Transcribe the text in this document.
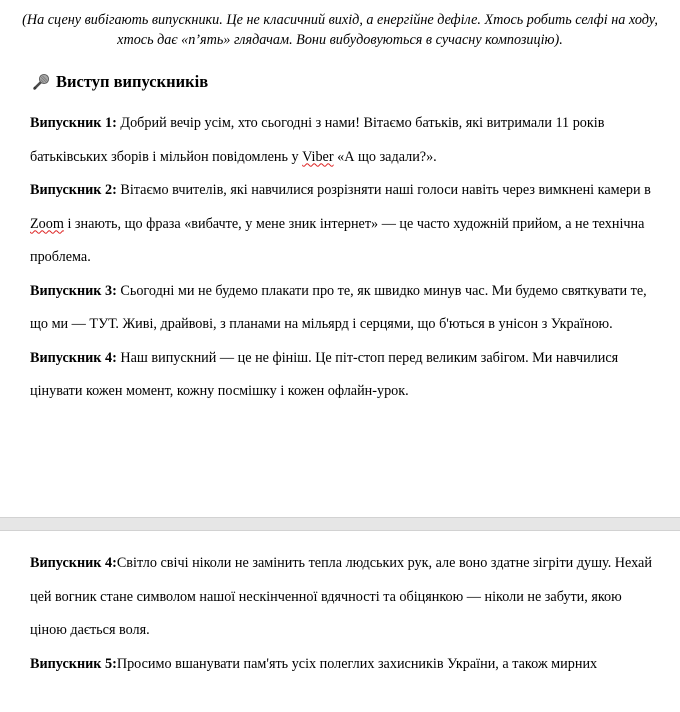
(На сцену вибігають випускники. Це не класичний вихід, а енергійне дефіле. Хтось робить селфі на ходу, хтось дає «п’ять» глядачам. Вони вибудовуються в сучасну композицію).
Виступ випускників

Випускник 1: Добрий вечір усім, хто сьогодні з нами! Вітаємо батьків, які витримали 11 років батьківських зборів і мільйон повідомлень у Viber «А що задали?».

Випускник 2: Вітаємо вчителів, які навчилися розрізняти наші голоси навіть через вимкнені камери в Zoom і знають, що фраза «вибачте, у мене зник інтернет» — це часто художній прийом, а не технічна проблема.

Випускник 3: Сьогодні ми не будемо плакати про те, як швидко минув час. Ми будемо святкувати те, що ми — ТУТ. Живі, драйвові, з планами на мільярд і серцями, що б'ються в унісон з Україною.

Випускник 4: Наш випускний — це не фініш. Це піт-стоп перед великим забігом. Ми навчилися цінувати кожен момент, кожну посмішку і кожен офлайн-урок.

Випускник 4:Світло свічі ніколи не замінить тепла людських рук, але воно здатне зігріти душу. Нехай цей вогник стане символом нашої нескінченної вдячності та обіцянкою — ніколи не забути, якою ціною дається воля.

Випускник 5:Просимо вшанувати пам'ять усіх полеглих захисників України, а також мирних
